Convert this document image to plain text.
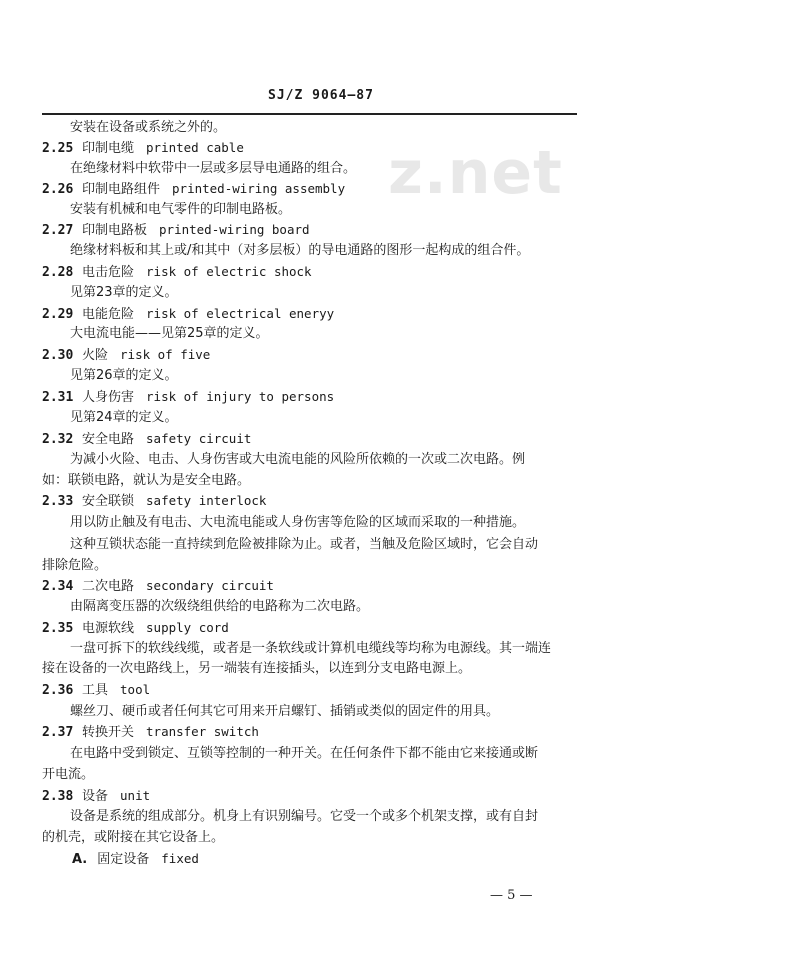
SJ/Z 9064—87
z.net
安装在设备或系统之外的。
2.25 印制电缆 printed cable
在绝缘材料中软带中一层或多层导电通路的组合。
2.26 印制电路组件 printed-wiring assembly
安装有机械和电气零件的印制电路板。
2.27 印制电路板 printed-wiring board
绝缘材料板和其上或/和其中（对多层板）的导电通路的图形一起构成的组合件。
2.28 电击危险 risk of electric shock
见第23章的定义。
2.29 电能危险 risk of electrical eneryy
大电流电能——见第25章的定义。
2.30 火险 risk of five
见第26章的定义。
2.31 人身伤害 risk of injury to persons
见第24章的定义。
2.32 安全电路 safety circuit
为减小火险、电击、人身伤害或大电流电能的风险所依赖的一次或二次电路。例
如：联锁电路，就认为是安全电路。
2.33 安全联锁 safety interlock
用以防止触及有电击、大电流电能或人身伤害等危险的区域而采取的一种措施。
这种互锁状态能一直持续到危险被排除为止。或者，当触及危险区域时，它会自动
排除危险。
2.34 二次电路 secondary circuit
由隔离变压器的次级绕组供给的电路称为二次电路。
2.35 电源软线 supply cord
一盘可拆下的软线线缆，或者是一条软线或计算机电缆线等均称为电源线。其一端连
接在设备的一次电路线上，另一端装有连接插头，以连到分支电路电源上。
2.36 工具 tool
螺丝刀、硬币或者任何其它可用来开启螺钉、插销或类似的固定件的用具。
2.37 转换开关 transfer switch
在电路中受到锁定、互锁等控制的一种开关。在任何条件下都不能由它来接通或断
开电流。
2.38 设备 unit
设备是系统的组成部分。机身上有识别编号。它受一个或多个机架支撑，或有自封
的机壳，或附接在其它设备上。
A. 固定设备 fixed
— 5 —
